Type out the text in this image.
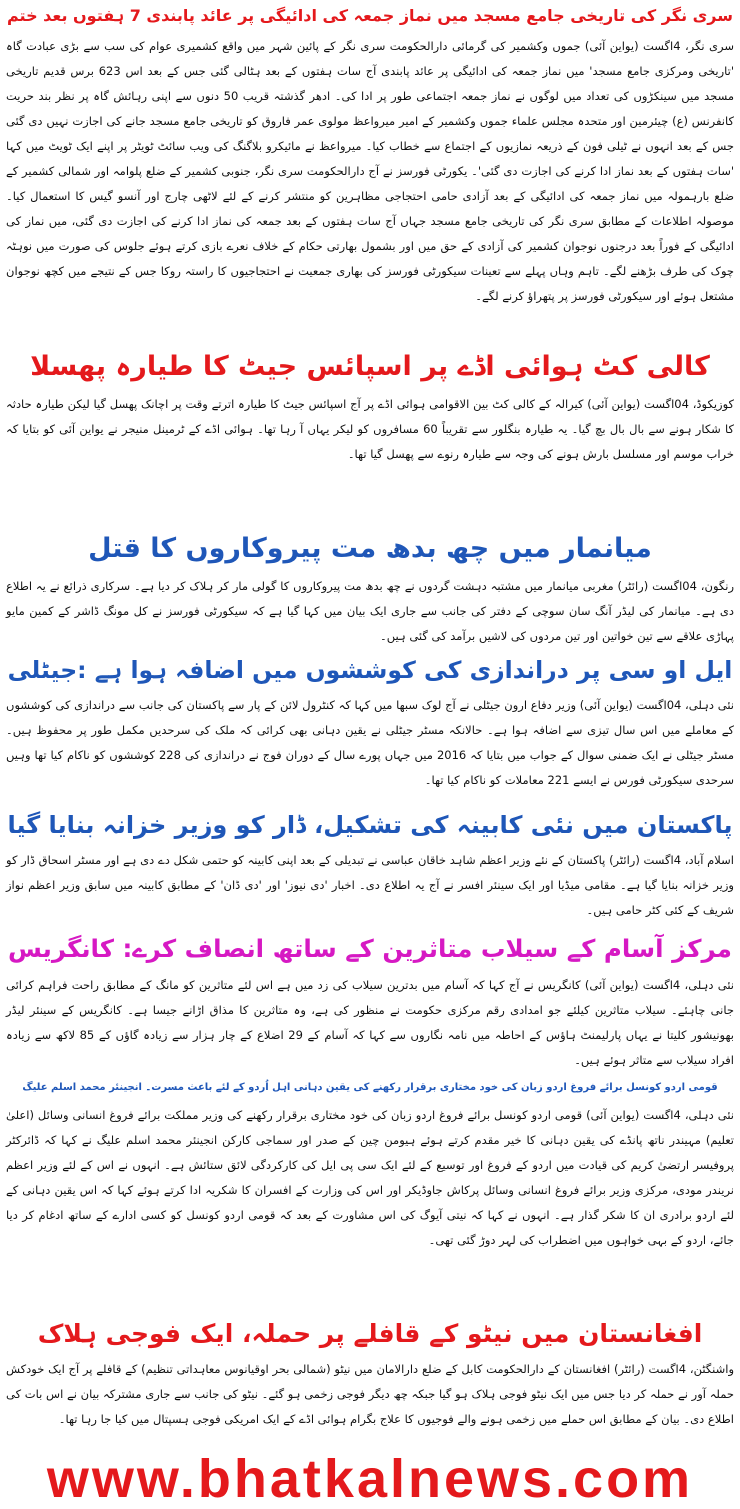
سری نگر کی تاریخی جامع مسجد میں نماز جمعہ کی ادائیگی پر عائد پابندی 7 ہفتوں بعد ختم
سری نگر، 4اگست (یواین آئی) جموں وکشمیر کی گرمائی دارالحکومت سری نگر کے پائین شہر میں واقع کشمیری عوام کی سب سے بڑی عبادت گاہ 'تاریخی ومرکزی جامع مسجد' میں نماز جمعہ کی ادائیگی پر عائد پابندی آج سات ہفتوں کے بعد ہٹالی گئی جس کے بعد اس 623 برس قدیم تاریخی مسجد میں سینکڑوں کی تعداد میں لوگوں نے نماز جمعہ اجتماعی طور پر ادا کی۔ ادھر گذشتہ قریب 50 دنوں سے اپنی رہائش گاہ پر نظر بند حریت کانفرنس (ع) چیئرمین اور متحدہ مجلس علماء جموں وکشمیر کے امیر میرواعظ مولوی عمر فاروق کو تاریخی جامع مسجد جانے کی اجازت نہیں دی گئی جس کے بعد انہوں نے ٹیلی فون کے ذریعہ نمازیوں کے اجتماع سے خطاب کیا۔ میرواعظ نے مائیکرو بلاگنگ کی ویب سائٹ ٹویٹر پر اپنے ایک ٹویٹ میں کہا 'سات ہفتوں کے بعد نماز ادا کرنے کی اجازت دی گئی'۔ یکورٹی فورسز نے آج دارالحکومت سری نگر، جنوبی کشمیر کے ضلع پلوامہ اور شمالی کشمیر کے ضلع بارہمولہ میں نماز جمعہ کی ادائیگی کے بعد آزادی حامی احتجاجی مظاہرین کو منتشر کرنے کے لئے لاٹھی چارج اور آنسو گیس کا استعمال کیا۔ موصولہ اطلاعات کے مطابق سری نگر کی تاریخی جامع مسجد جہاں آج سات ہفتوں کے بعد جمعہ کی نماز ادا کرنے کی اجازت دی گئی، میں نماز کی ادائیگی کے فوراً بعد درجنوں نوجوان کشمیر کی آزادی کے حق میں اور بشمول بھارتی حکام کے خلاف نعرے بازی کرتے ہوئے جلوس کی صورت میں نوہٹہ چوک کی طرف بڑھنے لگے۔ تاہم وہاں پہلے سے تعینات سیکورٹی فورسز کی بھاری جمعیت نے احتجاجیوں کا راستہ روکا جس کے نتیجے میں کچھ نوجوان مشتعل ہوئے اور سیکورٹی فورسز پر پتھراؤ کرنے لگے۔
کالی کٹ ہوائی اڈے پر اسپائس جیٹ کا طیارہ پھسلا
کوزیکوڈ، 04اگست (یواین آئی) کیرالہ کے کالی کٹ بین الاقوامی ہوائی اڈے پر آج اسپائس جیٹ کا طیارہ اترتے وقت پر اچانک پھسل گیا لیکن طیارہ حادثہ کا شکار ہونے سے بال بال بچ گیا۔ یہ طیارہ بنگلور سے تقریباً 60 مسافروں کو لیکر یہاں آ رہا تھا۔ ہوائی اڈے کے ٹرمینل منیجر نے یواین آئی کو بتایا کہ خراب موسم اور مسلسل بارش ہونے کی وجہ سے طیارہ رنوے سے پھسل گیا تھا۔
میانمار میں چھ بدھ مت پیروکاروں کا قتل
رنگون، 04اگست (رائٹر) مغربی میانمار میں مشتبہ دہشت گردوں نے چھ بدھ مت پیروکاروں کا گولی مار کر ہلاک کر دیا ہے۔ سرکاری ذرائع نے یہ اطلاع دی ہے۔ میانمار کی لیڈر آنگ سان سوچی کے دفتر کی جانب سے جاری ایک بیان میں کہا گیا ہے کہ سیکورٹی فورسز نے کل مونگ ڈاشر کے کمین مایو پہاڑی علاقے سے تین خواتین اور تین مردوں کی لاشیں برآمد کی گئی ہیں۔
ایل او سی پر دراندازی کی کوششوں میں اضافہ ہوا ہے :جیٹلی
نئی دہلی، 04اگست (یواین آئی) وزیر دفاع ارون جیٹلی نے آج لوک سبھا میں کہا کہ کنٹرول لائن کے پار سے پاکستان کی جانب سے دراندازی کی کوششوں کے معاملے میں اس سال تیزی سے اضافہ ہوا ہے۔ حالانکہ مسٹر جیٹلی نے یقین دہانی بھی کرائی کہ ملک کی سرحدیں مکمل طور پر محفوظ ہیں۔ مسٹر جیٹلی نے ایک ضمنی سوال کے جواب میں بتایا کہ 2016 میں جہاں پورے سال کے دوران فوج نے دراندازی کی 228 کوششوں کو ناکام کیا تھا وہیں سرحدی سیکورٹی فورس نے ایسے 221 معاملات کو ناکام کیا تھا۔
پاکستان میں نئی کابینہ کی تشکیل، ڈار کو وزیر خزانہ بنایا گیا
اسلام آباد، 4اگست (رائٹر) پاکستان کے نئے وزیر اعظم شاہد خاقان عباسی نے تبدیلی کے بعد اپنی کابینہ کو حتمی شکل دے دی ہے اور مسٹر اسحاق ڈار کو وزیر خزانہ بنایا گیا ہے۔ مقامی میڈیا اور ایک سینئر افسر نے آج یہ اطلاع دی۔ اخبار 'دی نیوز' اور 'دی ڈان' کے مطابق کابینہ میں سابق وزیر اعظم نواز شریف کے کئی کٹر حامی ہیں۔
مرکز آسام کے سیلاب متاثرین کے ساتھ انصاف کرے: کانگریس
نئی دہلی، 4اگست (یواین آئی) کانگریس نے آج کہا کہ آسام میں بدترین سیلاب کی زد میں ہے اس لئے متاثرین کو مانگ کے مطابق راحت فراہم کرائی جانی چاہئے۔ سیلاب متاثرین کیلئے جو امدادی رقم مرکزی حکومت نے منظور کی ہے، وہ متاثرین کا مذاق اڑانے جیسا ہے۔ کانگریس کے سینئر لیڈر بھونیشور کلیتا نے یہاں پارلیمنٹ ہاؤس کے احاطہ میں نامہ نگاروں سے کہا کہ آسام کے 29 اضلاع کے چار ہزار سے زیادہ گاؤں کے 85 لاکھ سے زیادہ افراد سیلاب سے متاثر ہوئے ہیں۔
قومی اردو کونسل برائے فروغ اردو زبان کی خود مختاری برقرار رکھنے کی یقین دہانی اہل اُردو کے لئے باعث مسرت۔ انجینئر محمد اسلم علیگ
نئی دہلی، 4اگست (یواین آئی) قومی اردو کونسل برائے فروغ اردو زبان کی خود مختاری برقرار رکھنے کی وزیر مملکت برائے فروغ انسانی وسائل (اعلیٰ تعلیم) مہیندر ناتھ پانڈے کی یقین دہانی کا خیر مقدم کرتے ہوئے ہیومن چین کے صدر اور سماجی کارکن انجینئر محمد اسلم علیگ نے کہا کہ ڈائرکٹر پروفیسر ارتضیٰ کریم کی قیادت میں اردو کے فروغ اور توسیع کے لئے ایک سی پی ایل کی کارکردگی لائق ستائش ہے۔ انہوں نے اس کے لئے وزیر اعظم نریندر مودی، مرکزی وزیر برائے فروغ انسانی وسائل پرکاش جاوڈیکر اور اس کی وزارت کے افسران کا شکریہ ادا کرتے ہوئے کہا کہ اس یقین دہانی کے لئے اردو برادری ان کا شکر گذار ہے۔ انہوں نے کہا کہ نیتی آیوگ کی اس مشاورت کے بعد کہ قومی اردو کونسل کو کسی ادارے کے ساتھ ادغام کر دیا جائے، اردو کے بہی خواہوں میں اضطراب کی لہر دوڑ گئی تھی۔
افغانستان میں نیٹو کے قافلے پر حملہ، ایک فوجی ہلاک
واشنگٹن، 4اگست (رائٹر) افغانستان کے دارالحکومت کابل کے ضلع دارالامان میں نیٹو (شمالی بحر اوقیانوس معاہداتی تنظیم) کے قافلے پر آج ایک خودکش حملہ آور نے حملہ کر دیا جس میں ایک نیٹو فوجی ہلاک ہو گیا جبکہ چھ دیگر فوجی زخمی ہو گئے۔ نیٹو کی جانب سے جاری مشترکہ بیان نے اس بات کی اطلاع دی۔ بیان کے مطابق اس حملے میں زخمی ہونے والے فوجیوں کا علاج بگرام ہوائی اڈے کے ایک امریکی فوجی ہسپتال میں کیا جا رہا تھا۔
www.bhatkalnews.com
